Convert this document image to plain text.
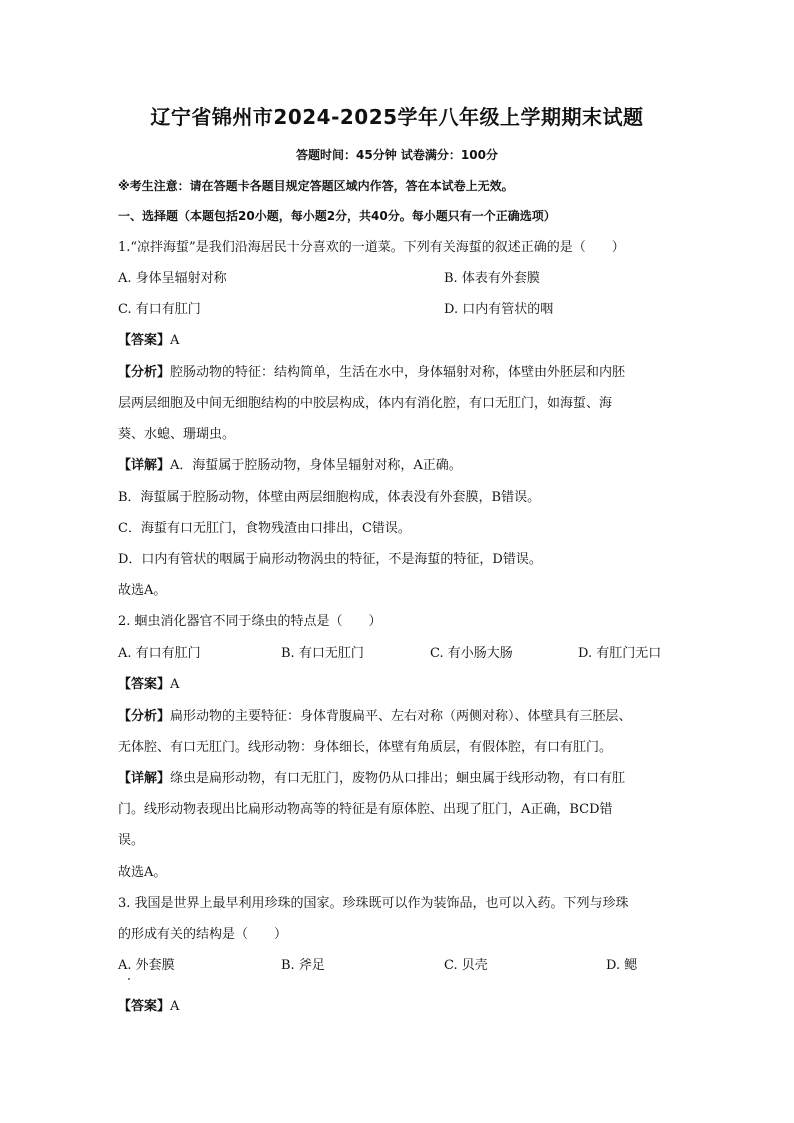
辽宁省锦州市2024-2025学年八年级上学期期末试题
答题时间：45分钟 试卷满分：100分
※考生注意：请在答题卡各题目规定答题区域内作答，答在本试卷上无效。
一、选择题（本题包括20小题，每小题2分，共40分。每小题只有一个正确选项）
1.“凉拌海蜇”是我们沿海居民十分喜欢的一道菜。下列有关海蜇的叙述正确的是（　　）
A. 身体呈辐射对称	B. 体表有外套膜
C. 有口有肛门	D. 口内有管状的咽
【答案】A
【分析】腔肠动物的特征：结构简单，生活在水中，身体辐射对称，体壁由外胚层和内胚
层两层细胞及中间无细胞结构的中胶层构成，体内有消化腔，有口无肛门，如海蜇、海
葵、水螅、珊瑚虫。
【详解】A．海蜇属于腔肠动物，身体呈辐射对称，A正确。
B．海蜇属于腔肠动物，体壁由两层细胞构成，体表没有外套膜，B错误。
C．海蜇有口无肛门，食物残渣由口排出，C错误。
D．口内有管状的咽属于扁形动物涡虫的特征，不是海蜇的特征，D错误。
故选A。
2. 蛔虫消化器官不同于绦虫的特点是（　　）
A. 有口有肛门	B. 有口无肛门	C. 有小肠大肠	D. 有肛门无口
【答案】A
【分析】扁形动物的主要特征：身体背腹扁平、左右对称（两侧对称）、体壁具有三胚层、
无体腔、有口无肛门。线形动物：身体细长，体壁有角质层，有假体腔，有口有肛门。
【详解】绦虫是扁形动物，有口无肛门，废物仍从口排出；蛔虫属于线形动物，有口有肛
门。线形动物表现出比扁形动物高等的特征是有原体腔、出现了肛门，A正确，BCD错
误。
故选A。
3. 我国是世界上最早利用珍珠的国家。珍珠既可以作为装饰品，也可以入药。下列与珍珠
的形成有关的结构是（　　）
A. 外套膜	B. 斧足	C. 贝壳	D. 鳃
【答案】A
